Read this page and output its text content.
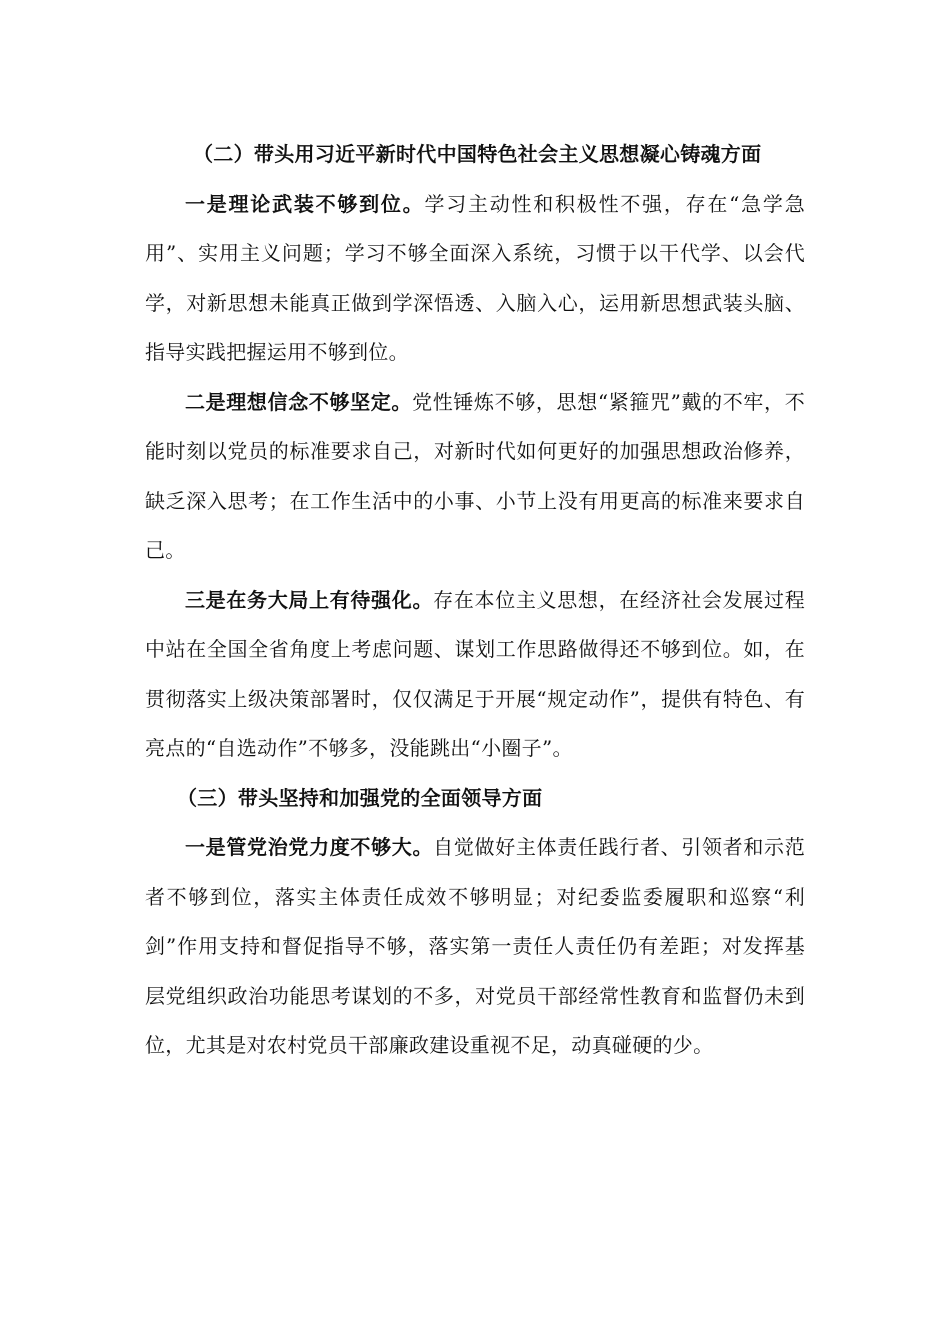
（二）带头用习近平新时代中国特色社会主义思想凝心铸魂方面

一是理论武装不够到位。学习主动性和积极性不强，存在“急学急用”、实用主义问题；学习不够全面深入系统，习惯于以干代学、以会代学，对新思想未能真正做到学深悟透、入脑入心，运用新思想武装头脑、指导实践把握运用不够到位。

二是理想信念不够坚定。党性锤炼不够，思想“紧箍咒”戴的不牢，不能时刻以党员的标准要求自己，对新时代如何更好的加强思想政治修养，缺乏深入思考；在工作生活中的小事、小节上没有用更高的标准来要求自己。

三是在务大局上有待强化。存在本位主义思想，在经济社会发展过程中站在全国全省角度上考虑问题、谋划工作思路做得还不够到位。如，在贯彻落实上级决策部署时，仅仅满足于开展“规定动作”，提供有特色、有亮点的“自选动作”不够多，没能跳出“小圈子”。

（三）带头坚持和加强党的全面领导方面

一是管党治党力度不够大。自觉做好主体责任践行者、引领者和示范者不够到位，落实主体责任成效不够明显；对纪委监委履职和巡察“利剑”作用支持和督促指导不够，落实第一责任人责任仍有差距；对发挥基层党组织政治功能思考谋划的不多，对党员干部经常性教育和监督仍未到位，尤其是对农村党员干部廉政建设重视不足，动真碰硬的少。
